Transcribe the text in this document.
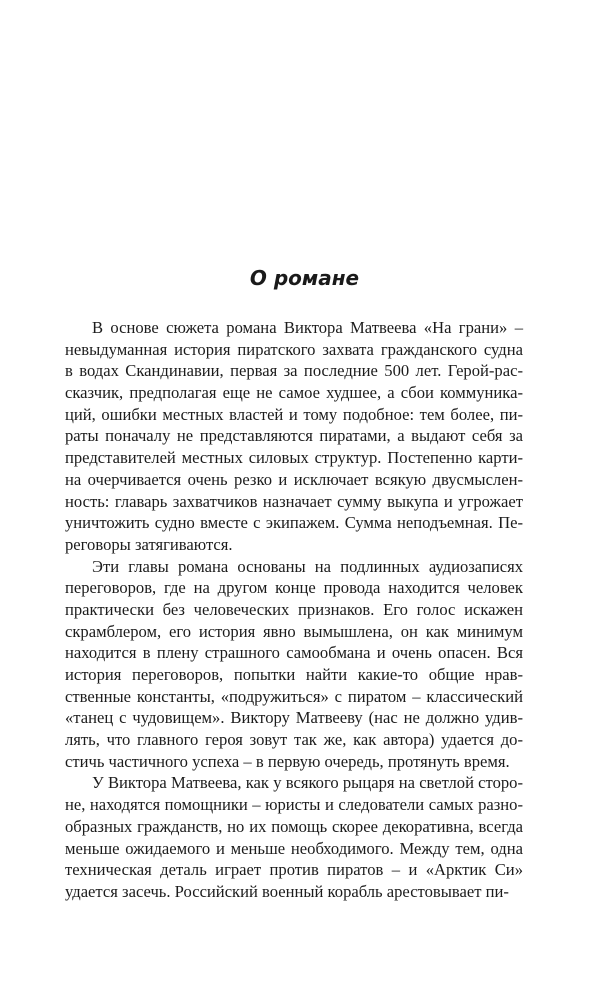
О романе
В основе сюжета романа Виктора Матвеева «На грани» –
невыдуманная история пиратского захвата гражданского судна
в водах Скандинавии, первая за последние 500 лет. Герой-рас-
сказчик, предполагая еще не самое худшее, а сбои коммуника-
ций, ошибки местных властей и тому подобное: тем более, пи-
раты поначалу не представляются пиратами, а выдают себя за
представителей местных силовых структур. Постепенно карти-
на очерчивается очень резко и исключает всякую двусмыслен-
ность: главарь захватчиков назначает сумму выкупа и угрожает
уничтожить судно вместе с экипажем. Сумма неподъемная. Пе-
реговоры затягиваются.
Эти главы романа основаны на подлинных аудиозаписях
переговоров, где на другом конце провода находится человек
практически без человеческих признаков. Его голос искажен
скрамблером, его история явно вымышлена, он как минимум
находится в плену страшного самообмана и очень опасен. Вся
история переговоров, попытки найти какие-то общие нрав-
ственные константы, «подружиться» с пиратом – классический
«танец с чудовищем». Виктору Матвееву (нас не должно удив-
лять, что главного героя зовут так же, как автора) удается до-
стичь частичного успеха – в первую очередь, протянуть время.
У Виктора Матвеева, как у всякого рыцаря на светлой сторо-
не, находятся помощники – юристы и следователи самых разно-
образных гражданств, но их помощь скорее декоративна, всегда
меньше ожидаемого и меньше необходимого. Между тем, одна
техническая деталь играет против пиратов – и «Арктик Си»
удается засечь. Российский военный корабль арестовывает пи-
